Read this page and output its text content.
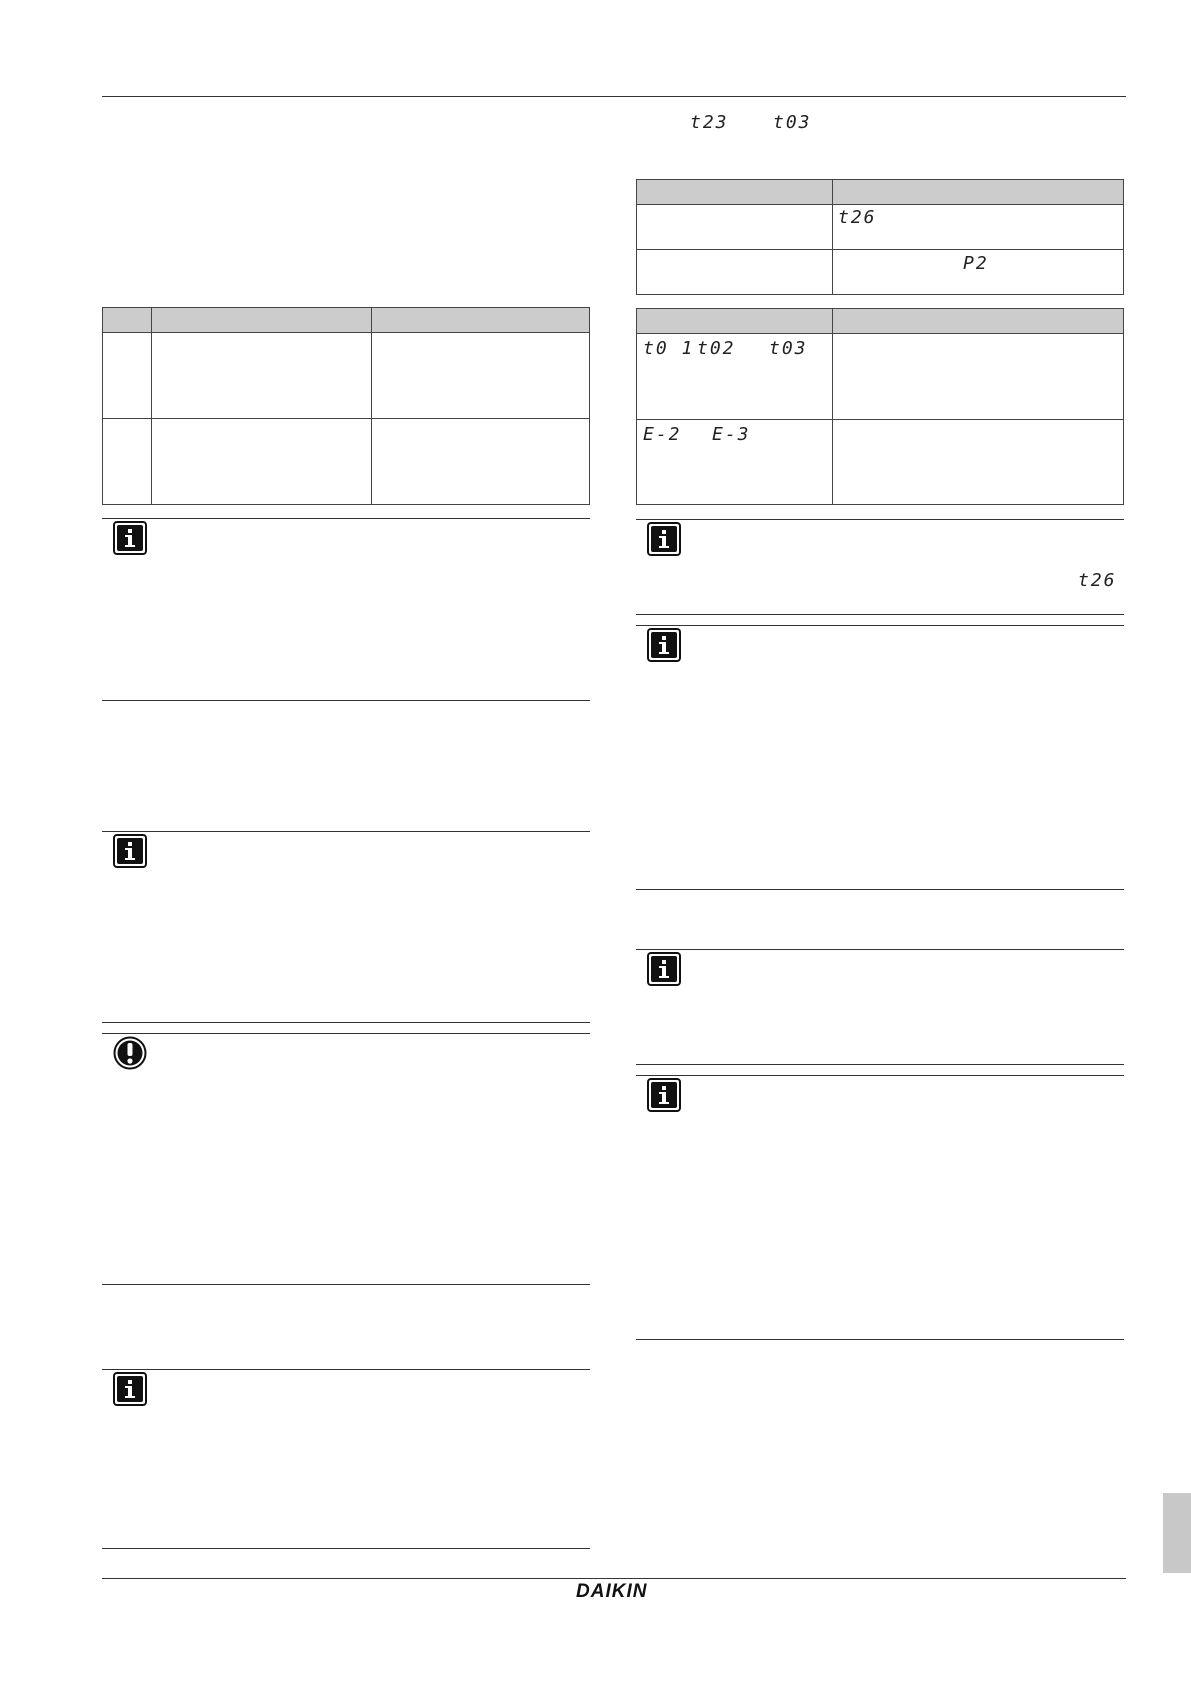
t23 t03

t26
P2

t0 1 t02 t03
E-2 E-3
t26
DAIKIN
